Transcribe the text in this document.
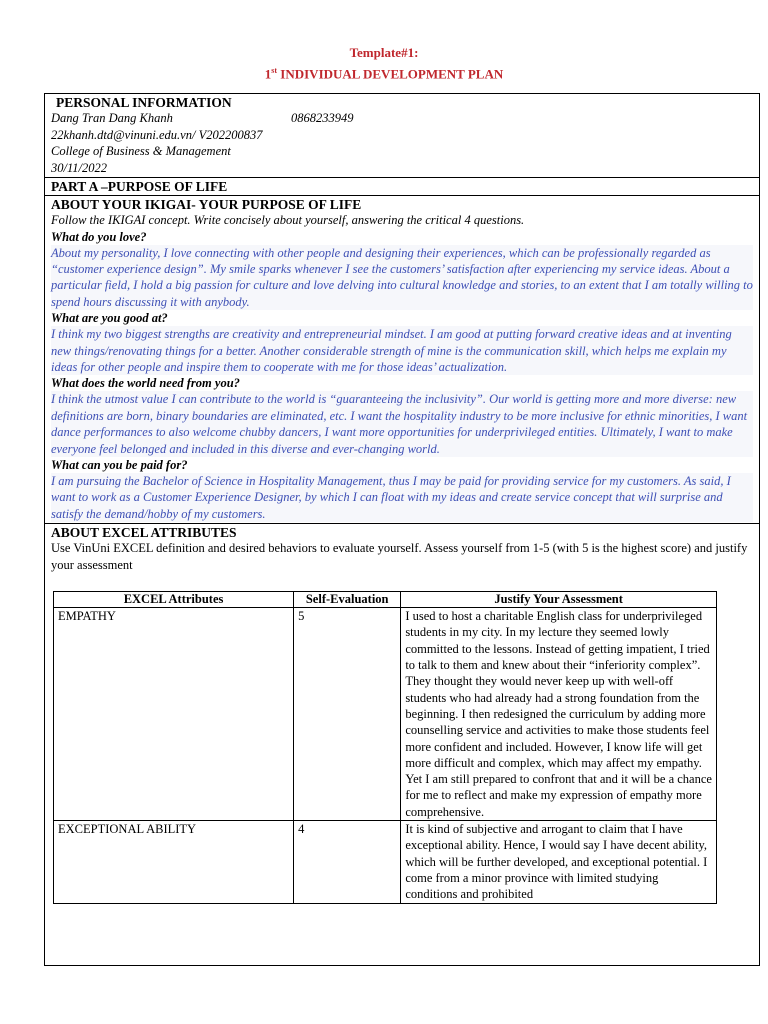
Template#1:
1st INDIVIDUAL DEVELOPMENT PLAN
PERSONAL INFORMATION
Dang Tran Dang Khanh	0868233949
22khanh.dtd@vinuni.edu.vn/ V202200837
College of Business & Management
30/11/2022
PART A –PURPOSE OF LIFE
ABOUT YOUR IKIGAI- YOUR PURPOSE OF LIFE
Follow the IKIGAI concept. Write concisely about yourself, answering the critical 4 questions.
What do you love?
About my personality, I love connecting with other people and designing their experiences, which can be professionally regarded as “customer experience design”. My smile sparks whenever I see the customers’ satisfaction after experiencing my service ideas. About a particular field, I hold a big passion for culture and love delving into cultural knowledge and stories, to an extent that I am totally willing to spend hours discussing it with anybody.
What are you good at?
I think my two biggest strengths are creativity and entrepreneurial mindset. I am good at putting forward creative ideas and at inventing new things/renovating things for a better. Another considerable strength of mine is the communication skill, which helps me explain my ideas for other people and inspire them to cooperate with me for those ideas’ actualization.
What does the world need from you?
I think the utmost value I can contribute to the world is “guaranteeing the inclusivity”. Our world is getting more and more diverse: new definitions are born, binary boundaries are eliminated, etc. I want the hospitality industry to be more inclusive for ethnic minorities, I want dance performances to also welcome chubby dancers, I want more opportunities for underprivileged entities. Ultimately, I want to make everyone feel belonged and included in this diverse and ever-changing world.
What can you be paid for?
I am pursuing the Bachelor of Science in Hospitality Management, thus I may be paid for providing service for my customers. As said, I want to work as a Customer Experience Designer, by which I can float with my ideas and create service concept that will surprise and satisfy the demand/hobby of my customers.
ABOUT EXCEL ATTRIBUTES
Use VinUni EXCEL definition and desired behaviors to evaluate yourself. Assess yourself from 1-5 (with 5 is the highest score) and justify your assessment
EXCEL Attributes	Self-Evaluation	Justify Your Assessment
EMPATHY	5	I used to host a charitable English class for underprivileged students in my city. In my lecture they seemed lowly committed to the lessons. Instead of getting impatient, I tried to talk to them and knew about their “inferiority complex”. They thought they would never keep up with well-off students who had already had a strong foundation from the beginning. I then redesigned the curriculum by adding more counselling service and activities to make those students feel more confident and included. However, I know life will get more difficult and complex, which may affect my empathy. Yet I am still prepared to confront that and it will be a chance for me to reflect and make my expression of empathy more comprehensive.
EXCEPTIONAL ABILITY	4	It is kind of subjective and arrogant to claim that I have exceptional ability. Hence, I would say I have decent ability, which will be further developed, and exceptional potential. I come from a minor province with limited studying conditions and prohibited
